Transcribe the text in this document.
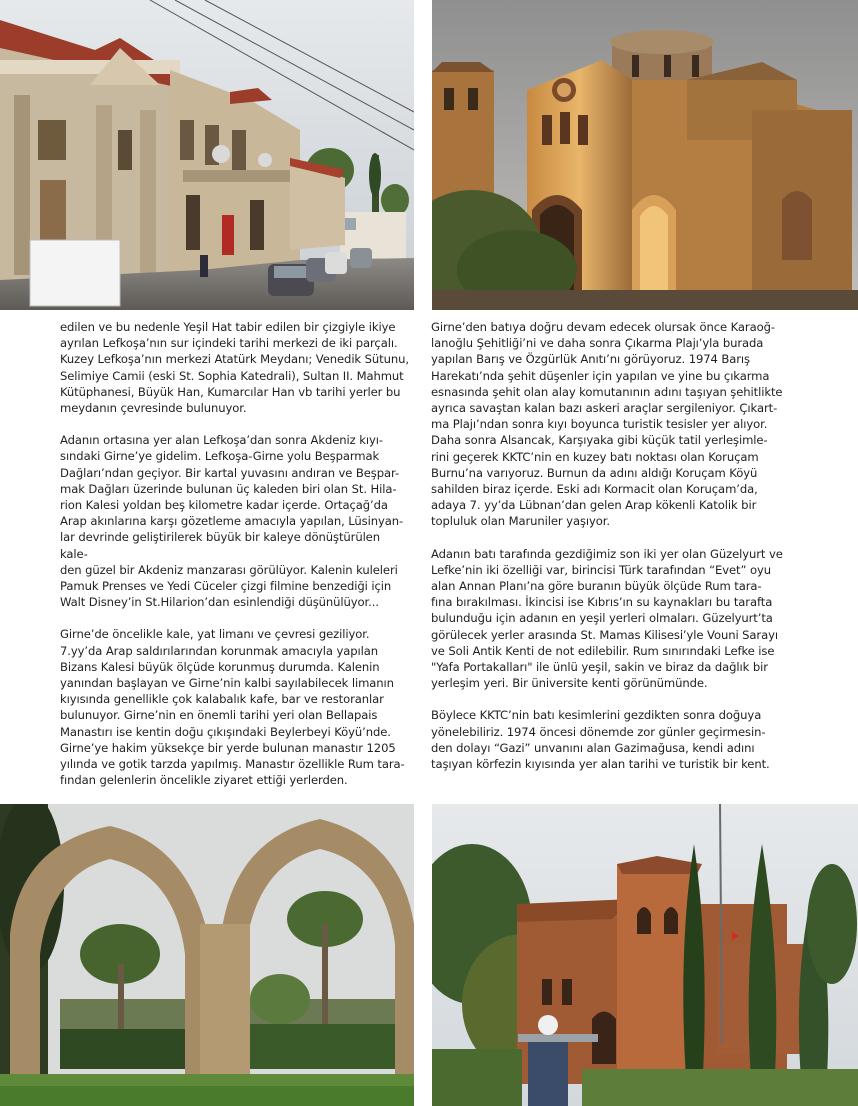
edilen ve bu nedenle Yeşil Hat tabir edilen bir çizgiyle ikiye
ayrılan Lefkoşa’nın sur içindeki tarihi merkezi de iki parçalı.
Kuzey Lefkoşa’nın merkezi Atatürk Meydanı; Venedik Sütunu,
Selimiye Camii (eski St. Sophia Katedrali), Sultan II. Mahmut
Kütüphanesi, Büyük Han, Kumarcılar Han vb tarihi yerler bu
meydanın çevresinde bulunuyor.

Adanın ortasına yer alan Lefkoşa’dan sonra Akdeniz kıyı-
sındaki Girne’ye gidelim. Lefkoşa-Girne yolu Beşparmak
Dağları’ndan geçiyor. Bir kartal yuvasını andıran ve Beşpar-
mak Dağları üzerinde bulunan üç kaleden biri olan St. Hila-
rion Kalesi yoldan beş kilometre kadar içerde. Ortaçağ’da
Arap akınlarına karşı gözetleme amacıyla yapılan, Lüsinyan-
lar devrinde geliştirilerek büyük bir kaleye dönüştürülen kale-
den güzel bir Akdeniz manzarası görülüyor. Kalenin kuleleri
Pamuk Prenses ve Yedi Cüceler çizgi filmine benzediği için
Walt Disney’in St.Hilarion’dan esinlendiği düşünülüyor...

Girne’de öncelikle kale, yat limanı ve çevresi geziliyor.
7.yy’da Arap saldırılarından korunmak amacıyla yapılan
Bizans Kalesi büyük ölçüde korunmuş durumda. Kalenin
yanından başlayan ve Girne’nin kalbi sayılabilecek limanın
kıyısında genellikle çok kalabalık kafe, bar ve restoranlar
bulunuyor. Girne’nin en önemli tarihi yeri olan Bellapais
Manastırı ise kentin doğu çıkışındaki Beylerbeyi Köyü’nde.
Girne’ye hakim yüksekçe bir yerde bulunan manastır 1205
yılında ve gotik tarzda yapılmış. Manastır özellikle Rum tara-
fından gelenlerin öncelikle ziyaret ettiği yerlerden.

Girne’den batıya doğru devam edecek olursak önce Karaoğ-
lanoğlu Şehitliği’ni ve daha sonra Çıkarma Plajı’yla burada
yapılan Barış ve Özgürlük Anıtı’nı görüyoruz. 1974 Barış
Harekatı’nda şehit düşenler için yapılan ve yine bu çıkarma
esnasında şehit olan alay komutanının adını taşıyan şehitlikte
ayrıca savaştan kalan bazı askeri araçlar sergileniyor. Çıkart-
ma Plajı’ndan sonra kıyı boyunca turistik tesisler yer alıyor.
Daha sonra Alsancak, Karşıyaka gibi küçük tatil yerleşimle-
rini geçerek KKTC’nin en kuzey batı noktası olan Koruçam
Burnu’na varıyoruz. Burnun da adını aldığı Koruçam Köyü
sahilden biraz içerde. Eski adı Kormacit olan Koruçam’da,
adaya 7. yy’da Lübnan’dan gelen Arap kökenli Katolik bir
topluluk olan Maruniler yaşıyor.

Adanın batı tarafında gezdiğimiz son iki yer olan Güzelyurt ve
Lefke’nin iki özelliği var, birincisi Türk tarafından “Evet” oyu
alan Annan Planı’na göre buranın büyük ölçüde Rum tara-
fına bırakılması. İkincisi ise Kıbrıs’ın su kaynakları bu tarafta
bulunduğu için adanın en yeşil yerleri olmaları. Güzelyurt’ta
görülecek yerler arasında St. Mamas Kilisesi’yle Vouni Sarayı
ve Soli Antik Kenti de not edilebilir. Rum sınırındaki Lefke ise
"Yafa Portakalları" ile ünlü yeşil, sakin ve biraz da dağlık bir
yerleşim yeri. Bir üniversite kenti görünümünde.

Böylece KKTC’nin batı kesimlerini gezdikten sonra doğuya
yönelebiliriz. 1974 öncesi dönemde zor günler geçirmesin-
den dolayı “Gazi” unvanını alan Gazimağusa, kendi adını
taşıyan körfezin kıyısında yer alan tarihi ve turistik bir kent.
